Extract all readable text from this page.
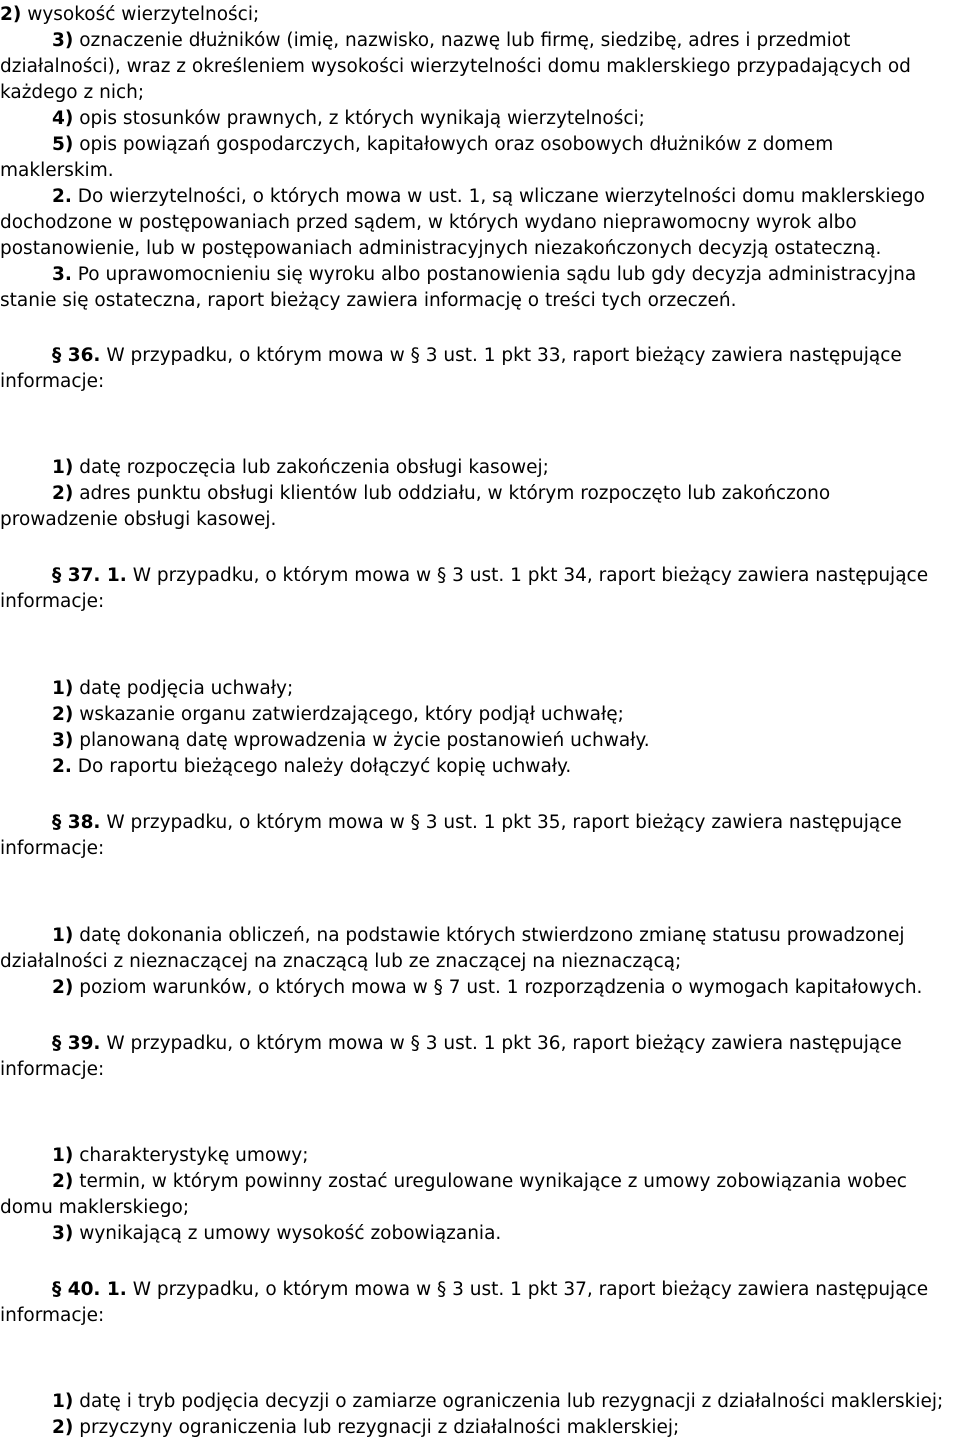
2) wysokość wierzytelności;
3) oznaczenie dłużników (imię, nazwisko, nazwę lub firmę, siedzibę, adres i przedmiot
działalności), wraz z określeniem wysokości wierzytelności domu maklerskiego przypadających od
każdego z nich;
4) opis stosunków prawnych, z których wynikają wierzytelności;
5) opis powiązań gospodarczych, kapitałowych oraz osobowych dłużników z domem
maklerskim.
2. Do wierzytelności, o których mowa w ust. 1, są wliczane wierzytelności domu maklerskiego
dochodzone w postępowaniach przed sądem, w których wydano nieprawomocny wyrok albo
postanowienie, lub w postępowaniach administracyjnych niezakończonych decyzją ostateczną.
3. Po uprawomocnieniu się wyroku albo postanowienia sądu lub gdy decyzja administracyjna
stanie się ostateczna, raport bieżący zawiera informację o treści tych orzeczeń.
§ 36. W przypadku, o którym mowa w § 3 ust. 1 pkt 33, raport bieżący zawiera następujące
informacje:
1) datę rozpoczęcia lub zakończenia obsługi kasowej;
2) adres punktu obsługi klientów lub oddziału, w którym rozpoczęto lub zakończono
prowadzenie obsługi kasowej.
§ 37. 1. W przypadku, o którym mowa w § 3 ust. 1 pkt 34, raport bieżący zawiera następujące
informacje:
1) datę podjęcia uchwały;
2) wskazanie organu zatwierdzającego, który podjął uchwałę;
3) planowaną datę wprowadzenia w życie postanowień uchwały.
2. Do raportu bieżącego należy dołączyć kopię uchwały.
§ 38. W przypadku, o którym mowa w § 3 ust. 1 pkt 35, raport bieżący zawiera następujące
informacje:
1) datę dokonania obliczeń, na podstawie których stwierdzono zmianę statusu prowadzonej
działalności z nieznaczącej na znaczącą lub ze znaczącej na nieznaczącą;
2) poziom warunków, o których mowa w § 7 ust. 1 rozporządzenia o wymogach kapitałowych.
§ 39. W przypadku, o którym mowa w § 3 ust. 1 pkt 36, raport bieżący zawiera następujące
informacje:
1) charakterystykę umowy;
2) termin, w którym powinny zostać uregulowane wynikające z umowy zobowiązania wobec
domu maklerskiego;
3) wynikającą z umowy wysokość zobowiązania.
§ 40. 1. W przypadku, o którym mowa w § 3 ust. 1 pkt 37, raport bieżący zawiera następujące
informacje:
1) datę i tryb podjęcia decyzji o zamiarze ograniczenia lub rezygnacji z działalności maklerskiej;
2) przyczyny ograniczenia lub rezygnacji z działalności maklerskiej;
